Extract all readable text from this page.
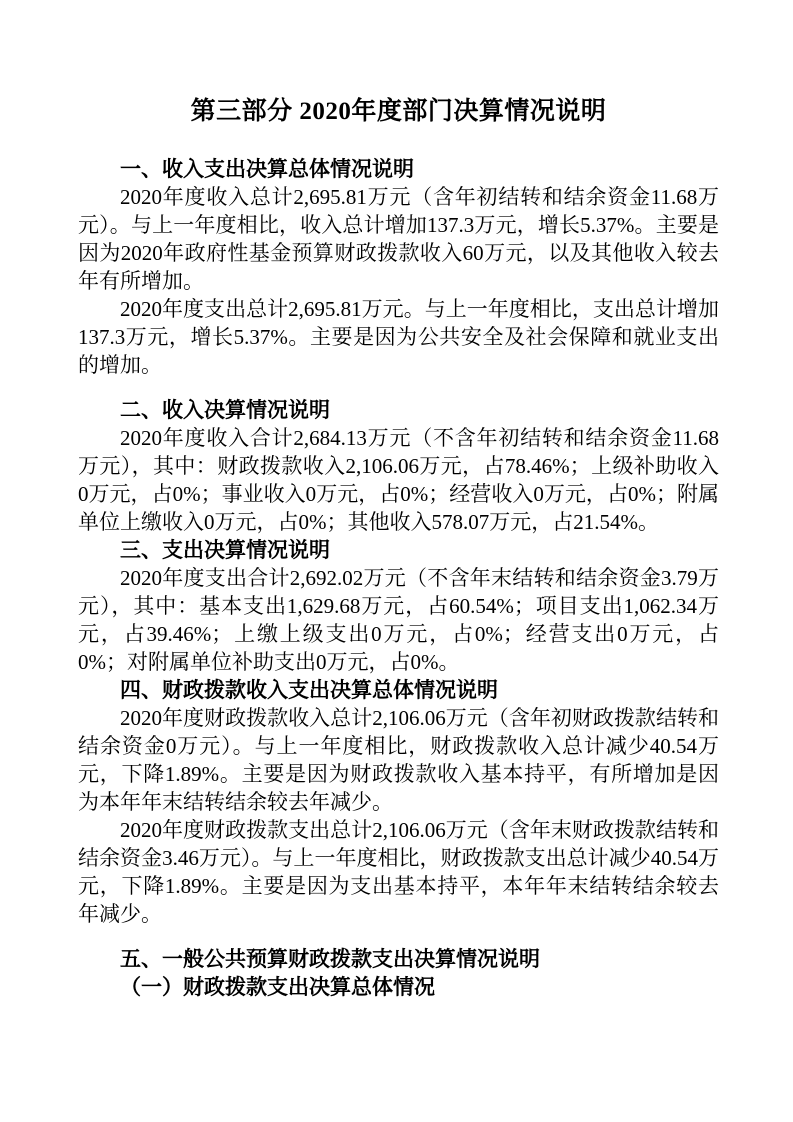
第三部分 2020年度部门决算情况说明
一、收入支出决算总体情况说明

2020年度收入总计2,695.81万元（含年初结转和结余资金11.68万元）。与上一年度相比，收入总计增加137.3万元，增长5.37%。主要是因为2020年政府性基金预算财政拨款收入60万元，以及其他收入较去年有所增加。

2020年度支出总计2,695.81万元。与上一年度相比，支出总计增加137.3万元，增长5.37%。主要是因为公共安全及社会保障和就业支出的增加。

二、收入决算情况说明

2020年度收入合计2,684.13万元（不含年初结转和结余资金11.68万元），其中：财政拨款收入2,106.06万元，占78.46%；上级补助收入0万元，占0%；事业收入0万元，占0%；经营收入0万元，占0%；附属单位上缴收入0万元，占0%；其他收入578.07万元，占21.54%。

三、支出决算情况说明

2020年度支出合计2,692.02万元（不含年末结转和结余资金3.79万元），其中：基本支出1,629.68万元，占60.54%；项目支出1,062.34万元，占39.46%；上缴上级支出0万元，占0%；经营支出0万元，占0%；对附属单位补助支出0万元，占0%。

四、财政拨款收入支出决算总体情况说明

2020年度财政拨款收入总计2,106.06万元（含年初财政拨款结转和结余资金0万元）。与上一年度相比，财政拨款收入总计减少40.54万元，下降1.89%。主要是因为财政拨款收入基本持平，有所增加是因为本年年末结转结余较去年减少。

2020年度财政拨款支出总计2,106.06万元（含年末财政拨款结转和结余资金3.46万元）。与上一年度相比，财政拨款支出总计减少40.54万元，下降1.89%。主要是因为支出基本持平，本年年末结转结余较去年减少。

五、一般公共预算财政拨款支出决算情况说明
（一）财政拨款支出决算总体情况
